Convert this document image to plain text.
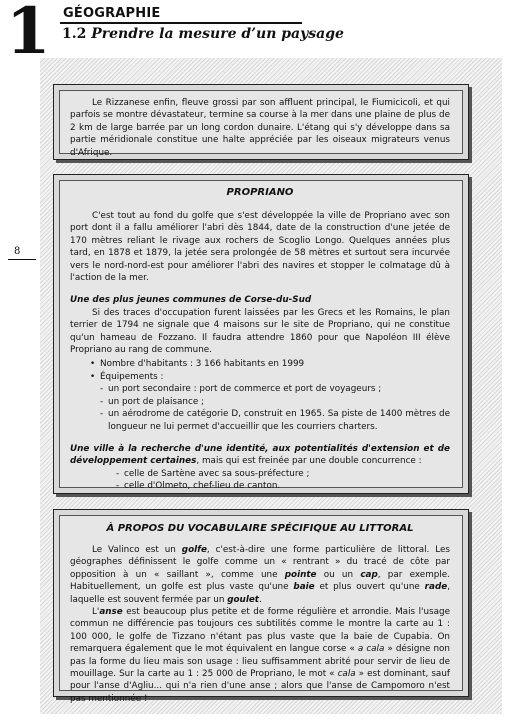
1 GÉOGRAPHIE
1.2 Prendre la mesure d’un paysage
8

Le Rizzanese enfin, fleuve grossi par son affluent principal, le Fiumicicoli, et qui parfois se montre dévastateur, termine sa course à la mer dans une plaine de plus de 2 km de large barrée par un long cordon dunaire. L'étang qui s'y développe dans sa partie méridionale constitue une halte appréciée par les oiseaux migrateurs venus d'Afrique.

PROPRIANO

C'est tout au fond du golfe que s'est développée la ville de Propriano avec son port dont il a fallu améliorer l'abri dès 1844, date de la construction d'une jetée de 170 mètres reliant le rivage aux rochers de Scoglio Longo. Quelques années plus tard, en 1878 et 1879, la jetée sera prolongée de 58 mètres et surtout sera incurvée vers le nord-nord-est pour améliorer l'abri des navires et stopper le colmatage dû à l'action de la mer.

Une des plus jeunes communes de Corse-du-Sud

Si des traces d'occupation furent laissées par les Grecs et les Romains, le plan terrier de 1794 ne signale que 4 maisons sur le site de Propriano, qui ne constitue qu'un hameau de Fozzano. Il faudra attendre 1860 pour que Napoléon III élève Propriano au rang de commune.

• Nombre d'habitants : 3 166 habitants en 1999
• Équipements :
- un port secondaire : port de commerce et port de voyageurs ;
- un port de plaisance ;
- un aérodrome de catégorie D, construit en 1965. Sa piste de 1400 mètres de longueur ne lui permet d'accueillir que les courriers charters.

Une ville à la recherche d'une identité, aux potentialités d'extension et de développement certaines, mais qui est freinée par une double concurrence :

- celle de Sartène avec sa sous-préfecture ;
- celle d'Olmeto, chef-lieu de canton.

À PROPOS DU VOCABULAIRE SPÉCIFIQUE AU LITTORAL

Le Valinco est un golfe, c'est-à-dire une forme particulière de littoral. Les géographes définissent le golfe comme un « rentrant » du tracé de côte par opposition à un « saillant », comme une pointe ou un cap, par exemple. Habituellement, un golfe est plus vaste qu'une baie et plus ouvert qu'une rade, laquelle est souvent fermée par un goulet.

L'anse est beaucoup plus petite et de forme régulière et arrondie. Mais l'usage commun ne différencie pas toujours ces subtilités comme le montre la carte au 1 : 100 000, le golfe de Tizzano n'étant pas plus vaste que la baie de Cupabia. On remarquera également que le mot équivalent en langue corse « a cala » désigne non pas la forme du lieu mais son usage : lieu suffisamment abrité pour servir de lieu de mouillage. Sur la carte au 1 : 25 000 de Propriano, le mot « cala » est dominant, sauf pour l'anse d'Agliu... qui n'a rien d'une anse ; alors que l'anse de Campomoro n'est pas mentionnée !
